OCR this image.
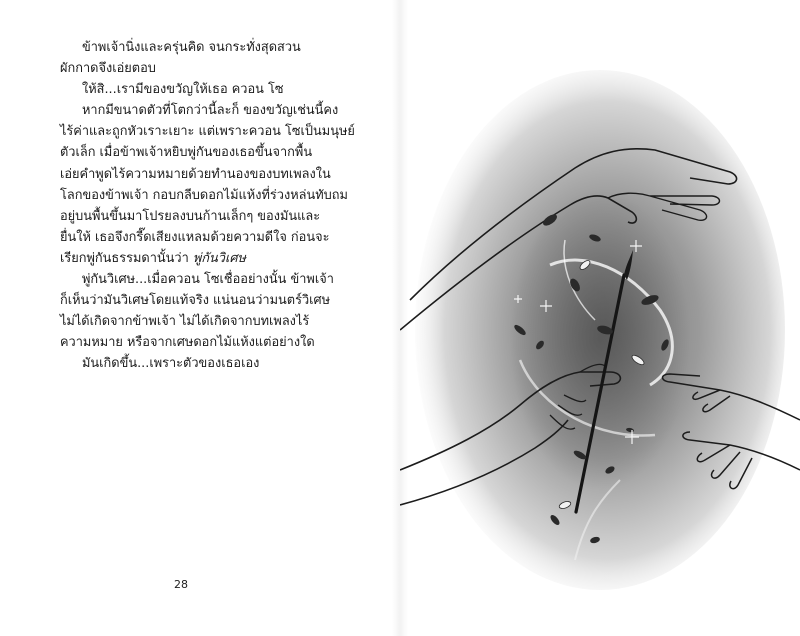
ข้าพเจ้านิ่งและครุ่นคิด จนกระทั่งสุดสวน
ผักกาดจึงเอ่ยตอบ

ให้สิ...เรามีของขวัญให้เธอ ควอน โซ

หากมีขนาดตัวที่โตกว่านี้ละก็ ของขวัญเช่นนี้คง
ไร้ค่าและถูกหัวเราะเยาะ แต่เพราะควอน โซเป็นมนุษย์
ตัวเล็ก เมื่อข้าพเจ้าหยิบพู่กันของเธอขึ้นจากพื้น
เอ่ยคำพูดไร้ความหมายด้วยทำนองของบทเพลงใน
โลกของข้าพเจ้า กอบกลีบดอกไม้แห้งที่ร่วงหล่นทับถม
อยู่บนพื้นขึ้นมาโปรยลงบนก้านเล็กๆ ของมันและ
ยื่นให้ เธอจึงกรี๊ดเสียงแหลมด้วยความดีใจ ก่อนจะ
เรียกพู่กันธรรมดานั้นว่า พู่กันวิเศษ

พู่กันวิเศษ...เมื่อควอน โซเชื่ออย่างนั้น ข้าพเจ้า
ก็เห็นว่ามันวิเศษโดยแท้จริง แน่นอนว่ามนตร์วิเศษ
ไม่ได้เกิดจากข้าพเจ้า ไม่ได้เกิดจากบทเพลงไร้
ความหมาย หรือจากเศษดอกไม้แห้งแต่อย่างใด

มันเกิดขึ้น...เพราะตัวของเธอเอง

28
